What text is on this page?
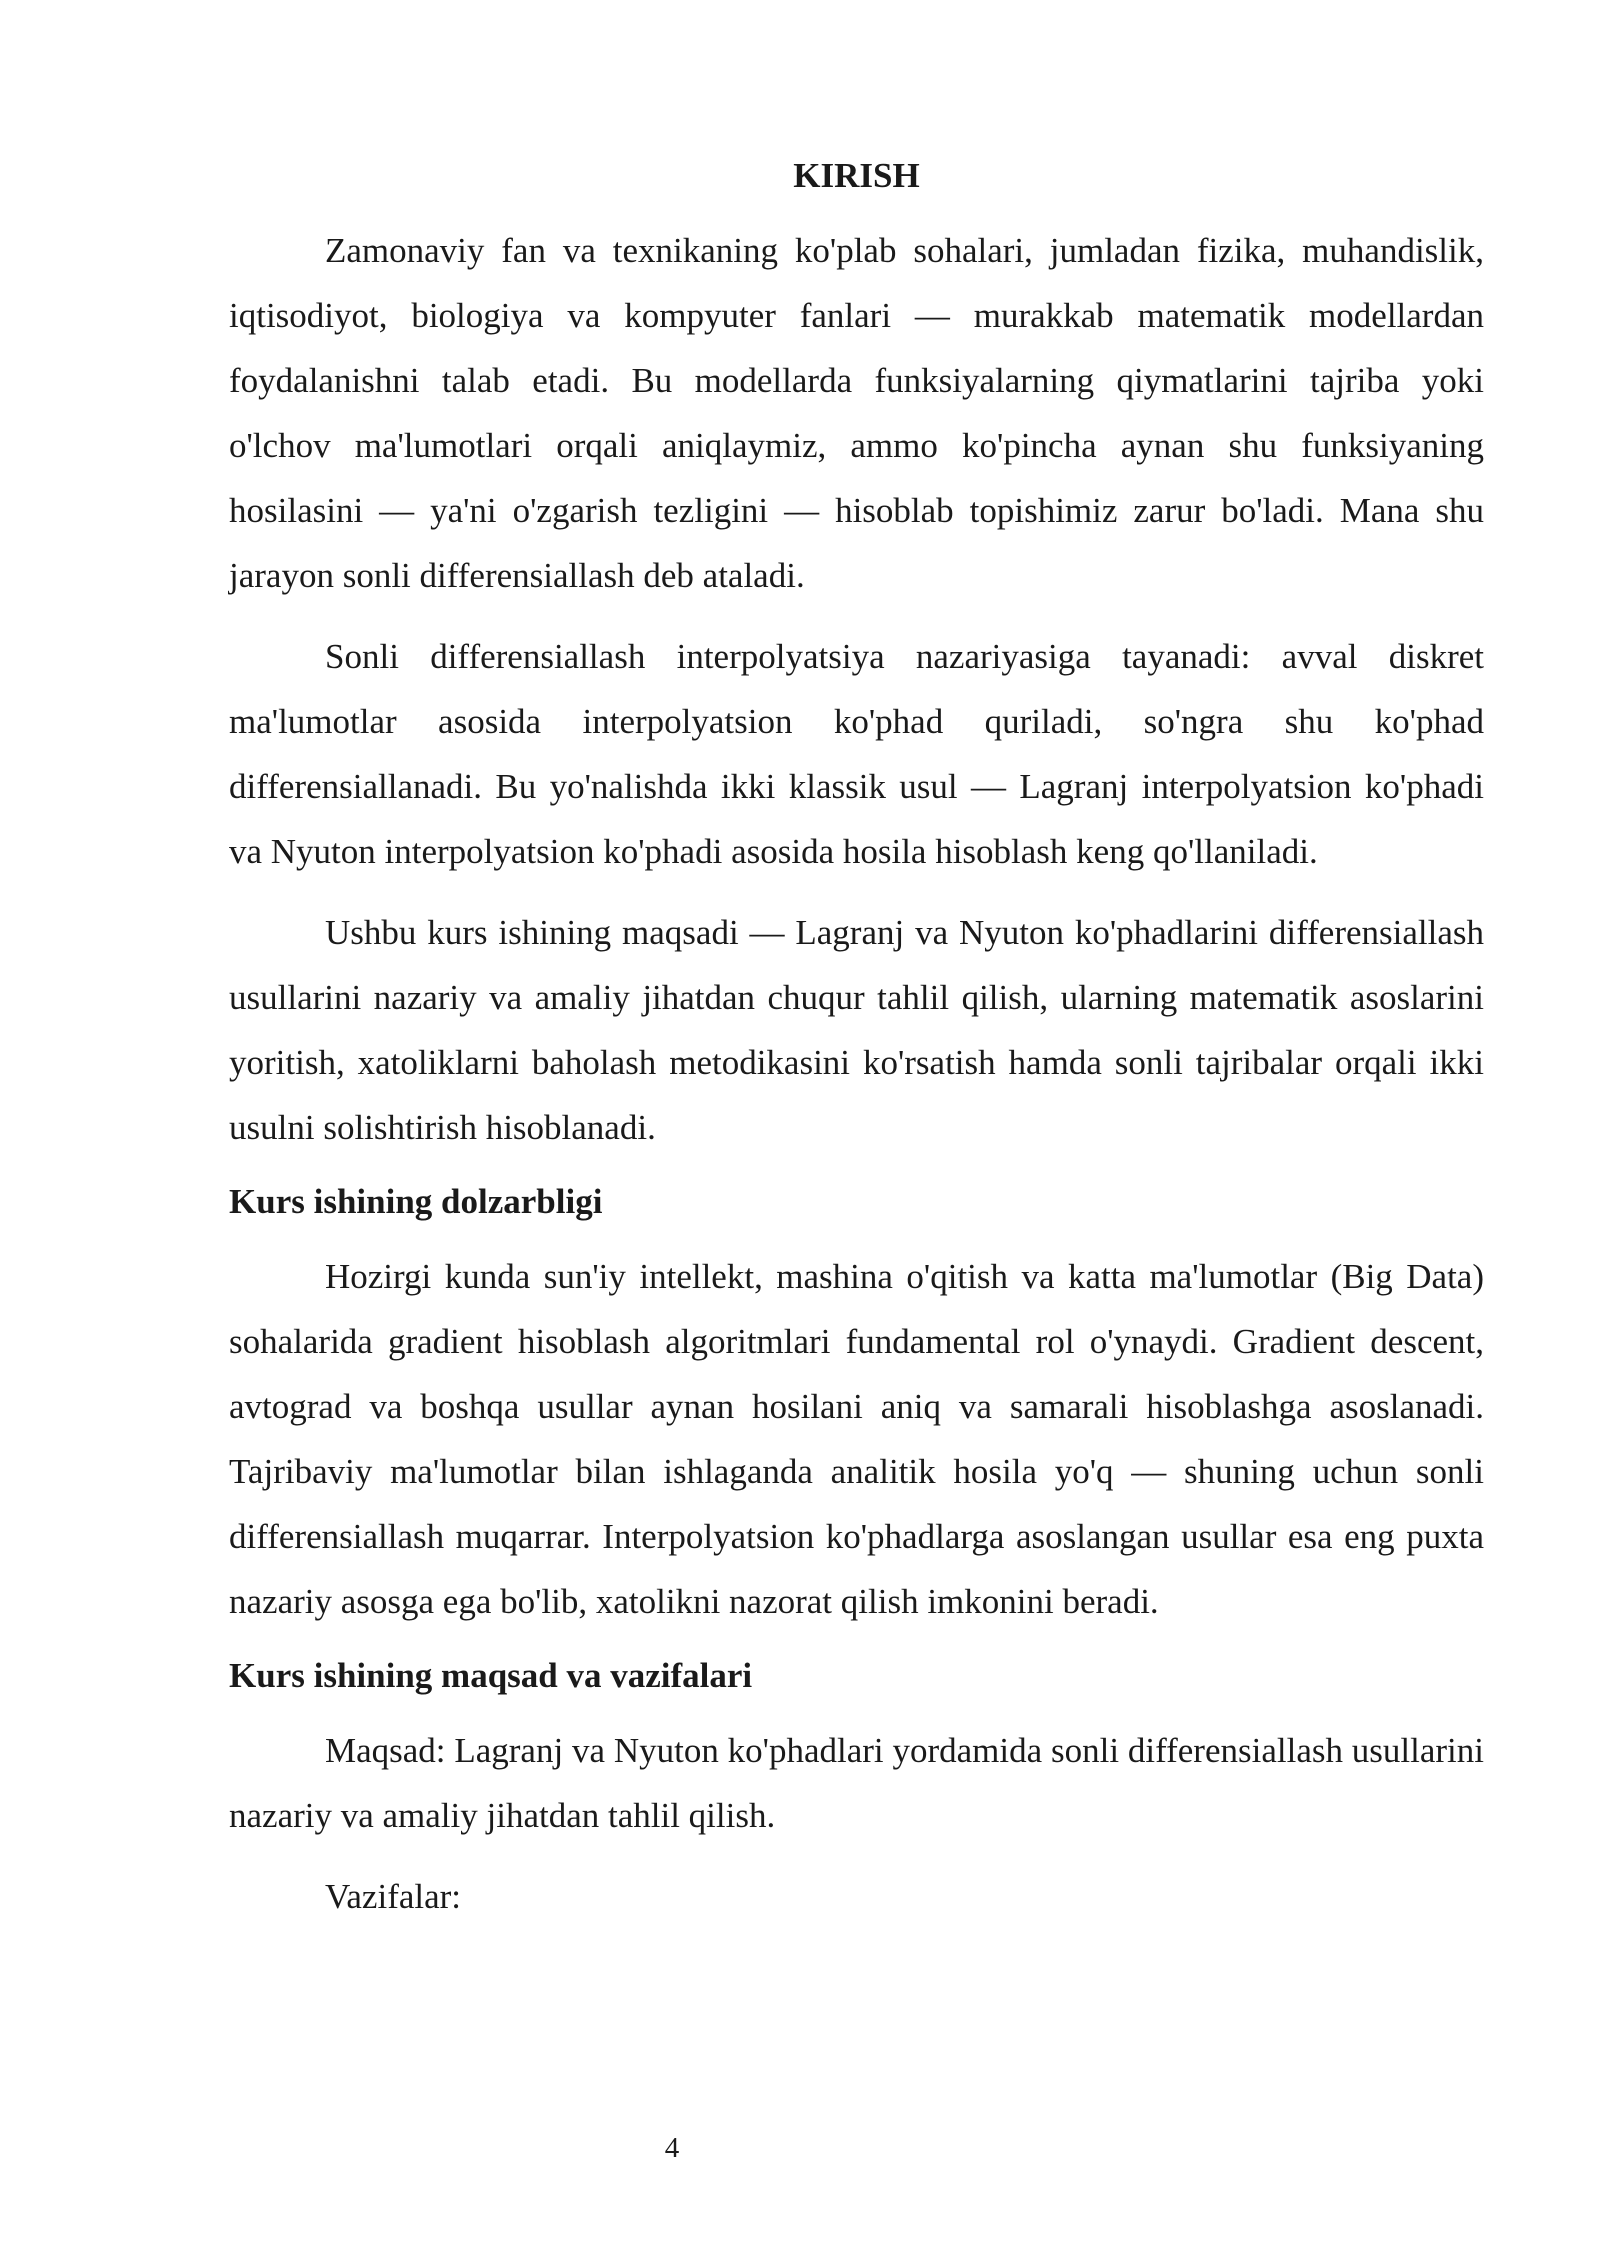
KIRISH

Zamonaviy fan va texnikaning ko'plab sohalari, jumladan fizika, muhandislik, iqtisodiyot, biologiya va kompyuter fanlari — murakkab matematik modellardan foydalanishni talab etadi. Bu modellarda funksiyalarning qiymatlarini tajriba yoki o'lchov ma'lumotlari orqali aniqlaymiz, ammo ko'pincha aynan shu funksiyaning hosilasini — ya'ni o'zgarish tezligini — hisoblab topishimiz zarur bo'ladi. Mana shu jarayon sonli differensiallash deb ataladi.

Sonli differensiallash interpolyatsiya nazariyasiga tayanadi: avval diskret ma'lumotlar asosida interpolyatsion ko'phad quriladi, so'ngra shu ko'phad differensiallanadi. Bu yo'nalishda ikki klassik usul — Lagranj interpolyatsion ko'phadi va Nyuton interpolyatsion ko'phadi asosida hosila hisoblash keng qo'llaniladi.

Ushbu kurs ishining maqsadi — Lagranj va Nyuton ko'phadlarini differensiallash usullarini nazariy va amaliy jihatdan chuqur tahlil qilish, ularning matematik asoslarini yoritish, xatoliklarni baholash metodikasini ko'rsatish hamda sonli tajribalar orqali ikki usulni solishtirish hisoblanadi.

Kurs ishining dolzarbligi

Hozirgi kunda sun'iy intellekt, mashina o'qitish va katta ma'lumotlar (Big Data) sohalarida gradient hisoblash algoritmlari fundamental rol o'ynaydi. Gradient descent, avtograd va boshqa usullar aynan hosilani aniq va samarali hisoblashga asoslanadi. Tajribaviy ma'lumotlar bilan ishlaganda analitik hosila yo'q — shuning uchun sonli differensiallash muqarrar. Interpolyatsion ko'phadlarga asoslangan usullar esa eng puxta nazariy asosga ega bo'lib, xatolikni nazorat qilish imkonini beradi.

Kurs ishining maqsad va vazifalari

Maqsad: Lagranj va Nyuton ko'phadlari yordamida sonli differensiallash usullarini nazariy va amaliy jihatdan tahlil qilish.

Vazifalar:

4
